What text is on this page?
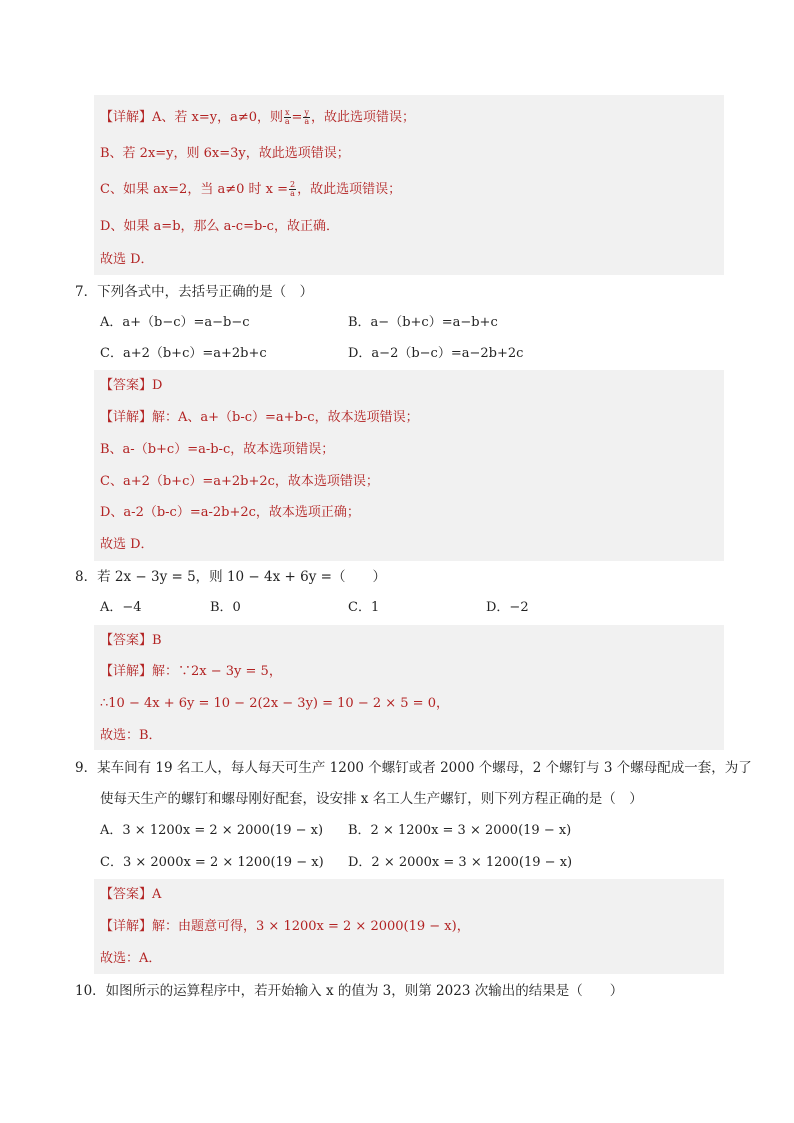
【详解】A、若 x=y，a≠0，则 $\frac{x}{a} = \frac{y}{a}$ ，故此选项错误；
B、若 2x=y，则 6x=3y，故此选项错误；
C、如果 ax=2，当 a≠0 时 $x = \frac{2}{a}$ ，故此选项错误；
D、如果 a=b，那么 a-c=b-c，故正确．
故选 D．
7．下列各式中，去括号正确的是（　）
A．a+（b−c）=a−b−c	B．a−（b+c）=a−b+c
C．a+2（b+c）=a+2b+c	D．a−2（b−c）=a−2b+2c
【答案】D
【详解】解：A、a+（b-c）=a+b-c，故本选项错误；
B、a-（b+c）=a-b-c，故本选项错误；
C、a+2（b+c）=a+2b+2c，故本选项错误；
D、a-2（b-c）=a-2b+2c，故本选项正确；
故选 D．
8．若 2x − 3y = 5，则 10 − 4x + 6y =（　　）
A．−4	B．0	C．1	D．−2
【答案】B
【详解】解：∵2x − 3y = 5，
∴10 − 4x + 6y = 10 − 2(2x − 3y) = 10 − 2 × 5 = 0，
故选：B．
9．某车间有 19 名工人，每人每天可生产 1200 个螺钉或者 2000 个螺母，2 个螺钉与 3 个螺母配成一套，为了
使每天生产的螺钉和螺母刚好配套，设安排 x 名工人生产螺钉，则下列方程正确的是（　）
A．3 × 1200x = 2 × 2000(19 − x) B．2 × 1200x = 3 × 2000(19 − x)
C．3 × 2000x = 2 × 1200(19 − x) D．2 × 2000x = 3 × 1200(19 − x)
【答案】A
【详解】解：由题意可得，3 × 1200x = 2 × 2000(19 − x)，
故选：A．
10．如图所示的运算程序中，若开始输入 x 的值为 3，则第 2023 次输出的结果是（　　）
